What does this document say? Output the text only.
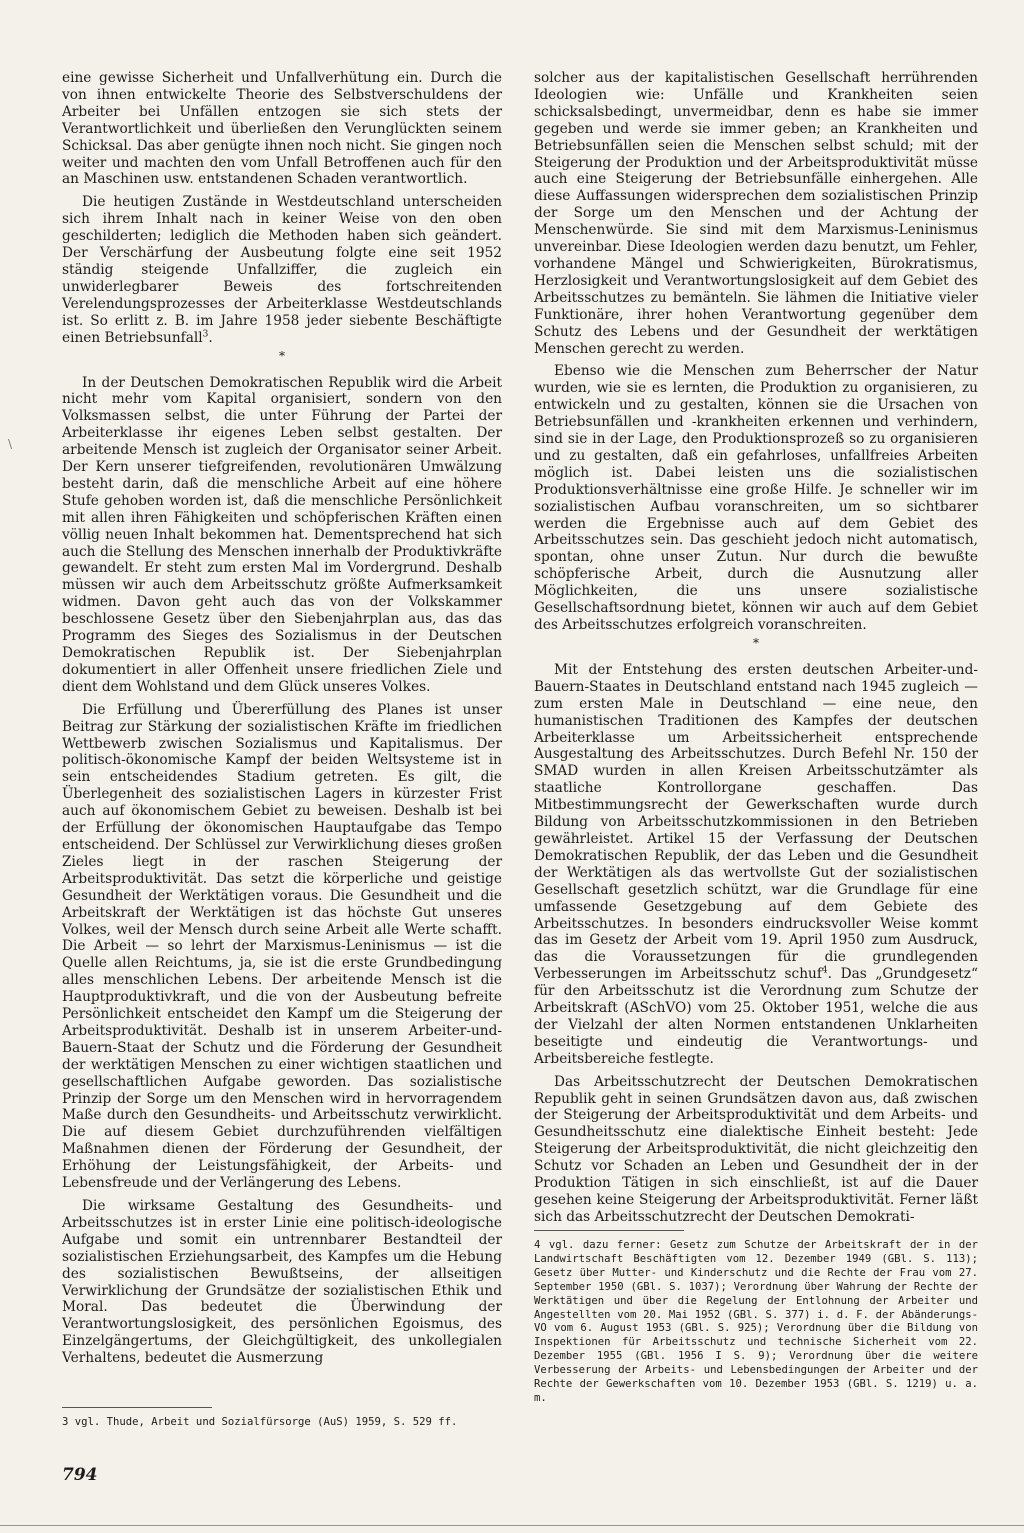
\

eine gewisse Sicherheit und Unfallverhütung ein. Durch die von ihnen entwickelte Theorie des Selbstverschuldens der Arbeiter bei Unfällen entzogen sie sich stets der Verantwortlichkeit und überließen den Verunglückten seinem Schicksal. Das aber genügte ihnen noch nicht. Sie gingen noch weiter und machten den vom Unfall Betroffenen auch für den an Maschinen usw. entstandenen Schaden verantwortlich.

Die heutigen Zustände in Westdeutschland unterscheiden sich ihrem Inhalt nach in keiner Weise von den oben geschilderten; lediglich die Methoden haben sich geändert. Der Verschärfung der Ausbeutung folgte eine seit 1952 ständig steigende Unfallziffer, die zugleich ein unwiderlegbarer Beweis des fortschreitenden Verelendungsprozesses der Arbeiterklasse Westdeutschlands ist. So erlitt z. B. im Jahre 1958 jeder siebente Beschäftigte einen Betriebsunfall$^3$.

*

In der Deutschen Demokratischen Republik wird die Arbeit nicht mehr vom Kapital organisiert, sondern von den Volksmassen selbst, die unter Führung der Partei der Arbeiterklasse ihr eigenes Leben selbst gestalten. Der arbeitende Mensch ist zugleich der Organisator seiner Arbeit. Der Kern unserer tiefgreifenden, revolutionären Umwälzung besteht darin, daß die menschliche Arbeit auf eine höhere Stufe gehoben worden ist, daß die menschliche Persönlichkeit mit allen ihren Fähigkeiten und schöpferischen Kräften einen völlig neuen Inhalt bekommen hat. Dementsprechend hat sich auch die Stellung des Menschen innerhalb der Produktivkräfte gewandelt. Er steht zum ersten Mal im Vordergrund. Deshalb müssen wir auch dem Arbeitsschutz größte Aufmerksamkeit widmen. Davon geht auch das von der Volkskammer beschlossene Gesetz über den Siebenjahrplan aus, das das Programm des Sieges des Sozialismus in der Deutschen Demokratischen Republik ist. Der Siebenjahrplan dokumentiert in aller Offenheit unsere friedlichen Ziele und dient dem Wohlstand und dem Glück unseres Volkes.

Die Erfüllung und Übererfüllung des Planes ist unser Beitrag zur Stärkung der sozialistischen Kräfte im friedlichen Wettbewerb zwischen Sozialismus und Kapitalismus. Der politisch-ökonomische Kampf der beiden Weltsysteme ist in sein entscheidendes Stadium getreten. Es gilt, die Überlegenheit des sozialistischen Lagers in kürzester Frist auch auf ökonomischem Gebiet zu beweisen. Deshalb ist bei der Erfüllung der ökonomischen Hauptaufgabe das Tempo entscheidend. Der Schlüssel zur Verwirklichung dieses großen Zieles liegt in der raschen Steigerung der Arbeitsproduktivität. Das setzt die körperliche und geistige Gesundheit der Werktätigen voraus. Die Gesundheit und die Arbeitskraft der Werktätigen ist das höchste Gut unseres Volkes, weil der Mensch durch seine Arbeit alle Werte schafft. Die Arbeit — so lehrt der Marxismus-Leninismus — ist die Quelle allen Reichtums, ja, sie ist die erste Grundbedingung alles menschlichen Lebens. Der arbeitende Mensch ist die Hauptproduktivkraft, und die von der Ausbeutung befreite Persönlichkeit entscheidet den Kampf um die Steigerung der Arbeitsproduktivität. Deshalb ist in unserem Arbeiter-und-Bauern-Staat der Schutz und die Förderung der Gesundheit der werktätigen Menschen zu einer wichtigen staatlichen und gesellschaftlichen Aufgabe geworden. Das sozialistische Prinzip der Sorge um den Menschen wird in hervorragendem Maße durch den Gesundheits- und Arbeitsschutz verwirklicht. Die auf diesem Gebiet durchzuführenden vielfältigen Maßnahmen dienen der Förderung der Gesundheit, der Erhöhung der Leistungsfähigkeit, der Arbeits- und Lebensfreude und der Verlängerung des Lebens.

Die wirksame Gestaltung des Gesundheits- und Arbeitsschutzes ist in erster Linie eine politisch-ideologische Aufgabe und somit ein untrennbarer Bestandteil der sozialistischen Erziehungsarbeit, des Kampfes um die Hebung des sozialistischen Bewußtseins, der allseitigen Verwirklichung der Grundsätze der sozialistischen Ethik und Moral. Das bedeutet die Überwindung der Verantwortungslosigkeit, des persönlichen Egoismus, des Einzelgängertums, der Gleichgültigkeit, des unkollegialen Verhaltens, bedeutet die Ausmerzung

solcher aus der kapitalistischen Gesellschaft herrührenden Ideologien wie: Unfälle und Krankheiten seien schicksalsbedingt, unvermeidbar, denn es habe sie immer gegeben und werde sie immer geben; an Krankheiten und Betriebsunfällen seien die Menschen selbst schuld; mit der Steigerung der Produktion und der Arbeitsproduktivität müsse auch eine Steigerung der Betriebsunfälle einhergehen. Alle diese Auffassungen widersprechen dem sozialistischen Prinzip der Sorge um den Menschen und der Achtung der Menschenwürde. Sie sind mit dem Marxismus-Leninismus unvereinbar. Diese Ideologien werden dazu benutzt, um Fehler, vorhandene Mängel und Schwierigkeiten, Bürokratismus, Herzlosigkeit und Verantwortungslosigkeit auf dem Gebiet des Arbeitsschutzes zu bemänteln. Sie lähmen die Initiative vieler Funktionäre, ihrer hohen Verantwortung gegenüber dem Schutz des Lebens und der Gesundheit der werktätigen Menschen gerecht zu werden.

Ebenso wie die Menschen zum Beherrscher der Natur wurden, wie sie es lernten, die Produktion zu organisieren, zu entwickeln und zu gestalten, können sie die Ursachen von Betriebsunfällen und -krankheiten erkennen und verhindern, sind sie in der Lage, den Produktionsprozeß so zu organisieren und zu gestalten, daß ein gefahrloses, unfallfreies Arbeiten möglich ist. Dabei leisten uns die sozialistischen Produktionsverhältnisse eine große Hilfe. Je schneller wir im sozialistischen Aufbau voranschreiten, um so sichtbarer werden die Ergebnisse auch auf dem Gebiet des Arbeitsschutzes sein. Das geschieht jedoch nicht automatisch, spontan, ohne unser Zutun. Nur durch die bewußte schöpferische Arbeit, durch die Ausnutzung aller Möglichkeiten, die uns unsere sozialistische Gesellschaftsordnung bietet, können wir auch auf dem Gebiet des Arbeitsschutzes erfolgreich voranschreiten.

*

Mit der Entstehung des ersten deutschen Arbeiter-und-Bauern-Staates in Deutschland entstand nach 1945 zugleich — zum ersten Male in Deutschland — eine neue, den humanistischen Traditionen des Kampfes der deutschen Arbeiterklasse um Arbeitssicherheit entsprechende Ausgestaltung des Arbeitsschutzes. Durch Befehl Nr. 150 der SMAD wurden in allen Kreisen Arbeitsschutzämter als staatliche Kontrollorgane geschaffen. Das Mitbestimmungsrecht der Gewerkschaften wurde durch Bildung von Arbeitsschutzkommissionen in den Betrieben gewährleistet. Artikel 15 der Verfassung der Deutschen Demokratischen Republik, der das Leben und die Gesundheit der Werktätigen als das wertvollste Gut der sozialistischen Gesellschaft gesetzlich schützt, war die Grundlage für eine umfassende Gesetzgebung auf dem Gebiete des Arbeitsschutzes. In besonders eindrucksvoller Weise kommt das im Gesetz der Arbeit vom 19. April 1950 zum Ausdruck, das die Voraussetzungen für die grundlegenden Verbesserungen im Arbeitsschutz schuf$^4$. Das „Grundgesetz“ für den Arbeitsschutz ist die Verordnung zum Schutze der Arbeitskraft (ASchVO) vom 25. Oktober 1951, welche die aus der Vielzahl der alten Normen entstandenen Unklarheiten beseitigte und eindeutig die Verantwortungs- und Arbeitsbereiche festlegte.

Das Arbeitsschutzrecht der Deutschen Demokratischen Republik geht in seinen Grundsätzen davon aus, daß zwischen der Steigerung der Arbeitsproduktivität und dem Arbeits- und Gesundheitsschutz eine dialektische Einheit besteht: Jede Steigerung der Arbeitsproduktivität, die nicht gleichzeitig den Schutz vor Schaden an Leben und Gesundheit der in der Produktion Tätigen in sich einschließt, ist auf die Dauer gesehen keine Steigerung der Arbeitsproduktivität. Ferner läßt sich das Arbeitsschutzrecht der Deutschen Demokrati-

4 vgl. dazu ferner: Gesetz zum Schutze der Arbeitskraft der in der Landwirtschaft Beschäftigten vom 12. Dezember 1949 (GBl. S. 113); Gesetz über Mutter- und Kinderschutz und die Rechte der Frau vom 27. September 1950 (GBl. S. 1037); Verordnung über Wahrung der Rechte der Werktätigen und über die Regelung der Entlohnung der Arbeiter und Angestellten vom 20. Mai 1952 (GBl. S. 377) i. d. F. der Abänderungs-VO vom 6. August 1953 (GBl. S. 925); Verordnung über die Bildung von Inspektionen für Arbeitsschutz und technische Sicherheit vom 22. Dezember 1955 (GBl. 1956 I S. 9); Verordnung über die weitere Verbesserung der Arbeits- und Lebensbedingungen der Arbeiter und der Rechte der Gewerkschaften vom 10. Dezember 1953 (GBl. S. 1219) u. a. m.

3 vgl. Thude, Arbeit und Sozialfürsorge (AuS) 1959, S. 529 ff.

794
